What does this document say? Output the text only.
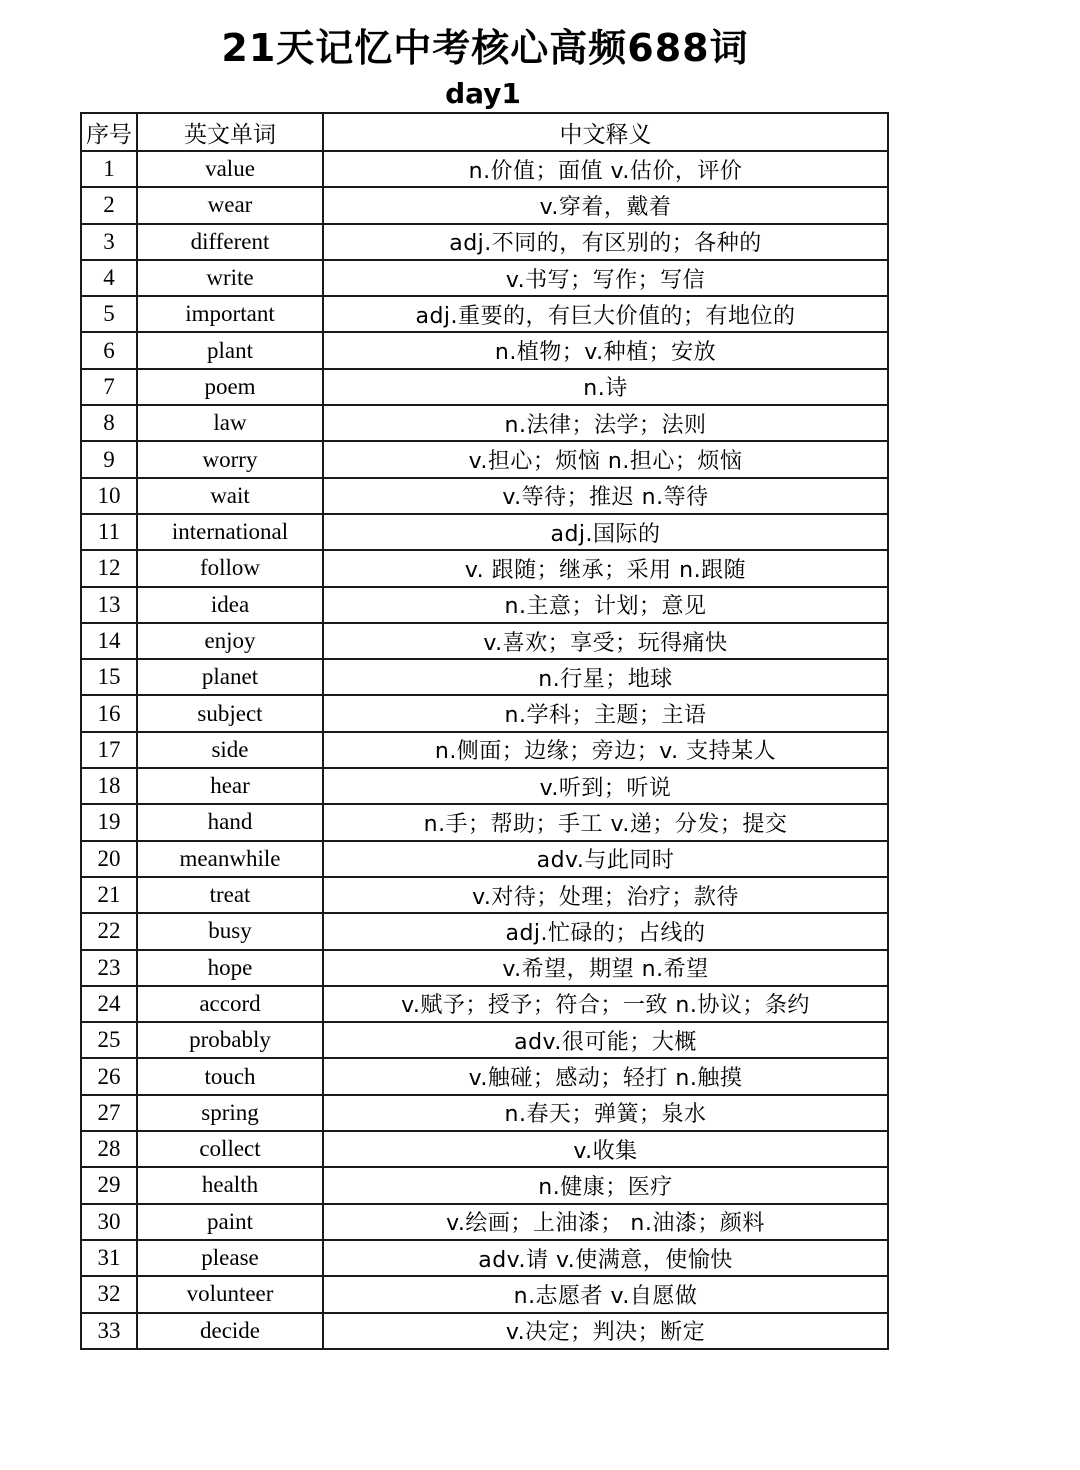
21天记忆中考核心高频688词
day1
序号	英文单词	中文释义
1	value	n.价值；面值 v.估价，评价
2	wear	v.穿着，戴着
3	different	adj.不同的，有区别的；各种的
4	write	v.书写；写作；写信
5	important	adj.重要的，有巨大价值的；有地位的
6	plant	n.植物；v.种植；安放
7	poem	n.诗
8	law	n.法律；法学；法则
9	worry	v.担心；烦恼 n.担心；烦恼
10	wait	v.等待；推迟 n.等待
11	international	adj.国际的
12	follow	v. 跟随；继承；采用 n.跟随
13	idea	n.主意；计划；意见
14	enjoy	v.喜欢；享受；玩得痛快
15	planet	n.行星；地球
16	subject	n.学科；主题；主语
17	side	n.侧面；边缘；旁边；v. 支持某人
18	hear	v.听到；听说
19	hand	n.手；帮助；手工 v.递；分发；提交
20	meanwhile	adv.与此同时
21	treat	v.对待；处理；治疗；款待
22	busy	adj.忙碌的；占线的
23	hope	v.希望，期望 n.希望
24	accord	v.赋予；授予；符合；一致 n.协议；条约
25	probably	adv.很可能；大概
26	touch	v.触碰；感动；轻打 n.触摸
27	spring	n.春天；弹簧；泉水
28	collect	v.收集
29	health	n.健康；医疗
30	paint	v.绘画；上油漆； n.油漆；颜料
31	please	adv.请 v.使满意，使愉快
32	volunteer	n.志愿者 v.自愿做
33	decide	v.决定；判决；断定
